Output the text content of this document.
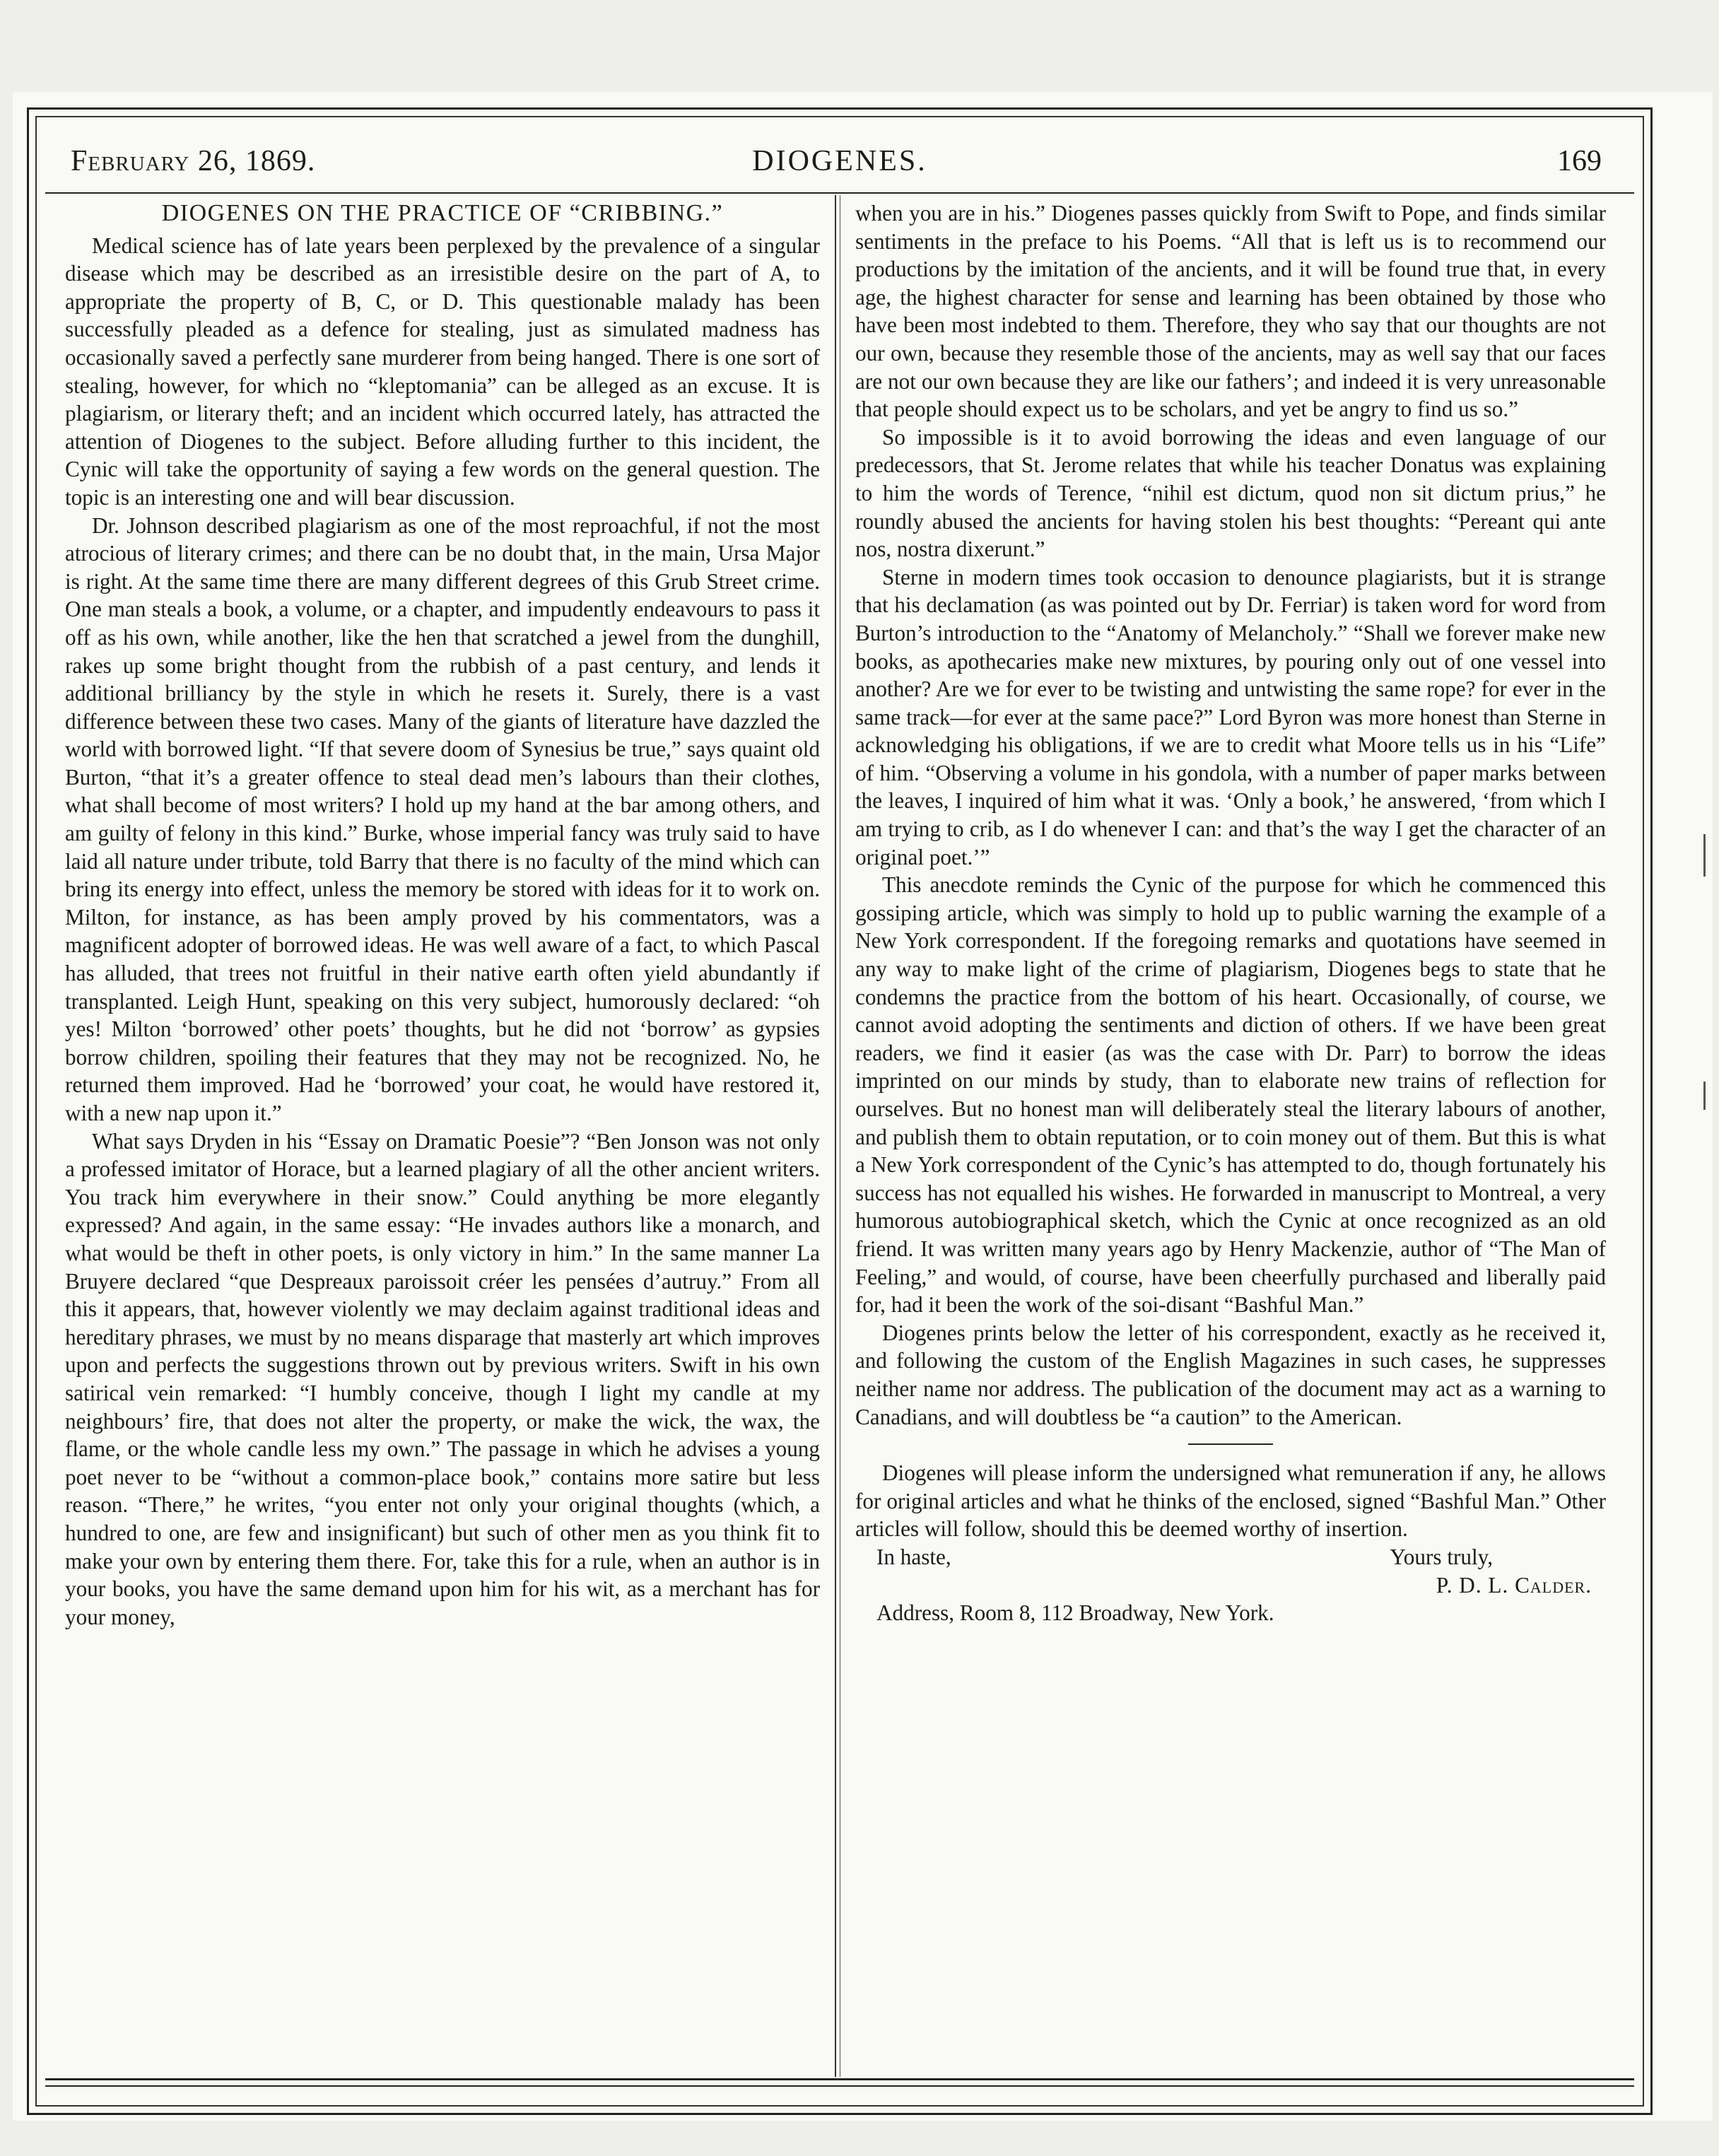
DIOGENES.
February 26, 1869.	169
DIOGENES ON THE PRACTICE OF “CRIBBING.”

Medical science has of late years been perplexed by the prevalence of a singular disease which may be described as an irresistible desire on the part of A, to appropriate the property of B, C, or D. This questionable malady has been successfully pleaded as a defence for stealing, just as simulated madness has occasionally saved a perfectly sane murderer from being hanged. There is one sort of stealing, however, for which no “kleptomania” can be alleged as an excuse. It is plagiarism, or literary theft; and an incident which occurred lately, has attracted the attention of Diogenes to the subject. Before alluding further to this incident, the Cynic will take the opportunity of saying a few words on the general question. The topic is an interesting one and will bear discussion.

Dr. Johnson described plagiarism as one of the most reproachful, if not the most atrocious of literary crimes; and there can be no doubt that, in the main, Ursa Major is right. At the same time there are many different degrees of this Grub Street crime. One man steals a book, a volume, or a chapter, and impudently endeavours to pass it off as his own, while another, like the hen that scratched a jewel from the dunghill, rakes up some bright thought from the rubbish of a past century, and lends it additional brilliancy by the style in which he resets it. Surely, there is a vast difference between these two cases. Many of the giants of literature have dazzled the world with borrowed light. “If that severe doom of Synesius be true,” says quaint old Burton, “that it’s a greater offence to steal dead men’s labours than their clothes, what shall become of most writers? I hold up my hand at the bar among others, and am guilty of felony in this kind.” Burke, whose imperial fancy was truly said to have laid all nature under tribute, told Barry that there is no faculty of the mind which can bring its energy into effect, unless the memory be stored with ideas for it to work on. Milton, for instance, as has been amply proved by his commentators, was a magnificent adopter of borrowed ideas. He was well aware of a fact, to which Pascal has alluded, that trees not fruitful in their native earth often yield abundantly if transplanted. Leigh Hunt, speaking on this very subject, humorously declared: “oh yes! Milton ‘borrowed’ other poets’ thoughts, but he did not ‘borrow’ as gypsies borrow children, spoiling their features that they may not be recognized. No, he returned them improved. Had he ‘borrowed’ your coat, he would have restored it, with a new nap upon it.”

What says Dryden in his “Essay on Dramatic Poesie”? “Ben Jonson was not only a professed imitator of Horace, but a learned plagiary of all the other ancient writers. You track him everywhere in their snow.” Could anything be more elegantly expressed? And again, in the same essay: “He invades authors like a monarch, and what would be theft in other poets, is only victory in him.” In the same manner La Bruyere declared “que Despreaux paroissoit créer les pensées d’autruy.” From all this it appears, that, however violently we may declaim against traditional ideas and hereditary phrases, we must by no means disparage that masterly art which improves upon and perfects the suggestions thrown out by previous writers. Swift in his own satirical vein remarked: “I humbly conceive, though I light my candle at my neighbours’ fire, that does not alter the property, or make the wick, the wax, the flame, or the whole candle less my own.” The passage in which he advises a young poet never to be “without a common-place book,” contains more satire but less reason. “There,” he writes, “you enter not only your original thoughts (which, a hundred to one, are few and insignificant) but such of other men as you think fit to make your own by entering them there. For, take this for a rule, when an author is in your books, you have the same demand upon him for his wit, as a merchant has for your money,

when you are in his.” Diogenes passes quickly from Swift to Pope, and finds similar sentiments in the preface to his Poems. “All that is left us is to recommend our productions by the imitation of the ancients, and it will be found true that, in every age, the highest character for sense and learning has been obtained by those who have been most indebted to them. Therefore, they who say that our thoughts are not our own, because they resemble those of the ancients, may as well say that our faces are not our own because they are like our fathers’; and indeed it is very unreasonable that people should expect us to be scholars, and yet be angry to find us so.”

So impossible is it to avoid borrowing the ideas and even language of our predecessors, that St. Jerome relates that while his teacher Donatus was explaining to him the words of Terence, “nihil est dictum, quod non sit dictum prius,” he roundly abused the ancients for having stolen his best thoughts: “Pereant qui ante nos, nostra dixerunt.”

Sterne in modern times took occasion to denounce plagiarists, but it is strange that his declamation (as was pointed out by Dr. Ferriar) is taken word for word from Burton’s introduction to the “Anatomy of Melancholy.” “Shall we forever make new books, as apothecaries make new mixtures, by pouring only out of one vessel into another? Are we for ever to be twisting and untwisting the same rope? for ever in the same track—for ever at the same pace?” Lord Byron was more honest than Sterne in acknowledging his obligations, if we are to credit what Moore tells us in his “Life” of him. “Observing a volume in his gondola, with a number of paper marks between the leaves, I inquired of him what it was. ‘Only a book,’ he answered, ‘from which I am trying to crib, as I do whenever I can: and that’s the way I get the character of an original poet.’”

This anecdote reminds the Cynic of the purpose for which he commenced this gossiping article, which was simply to hold up to public warning the example of a New York correspondent. If the foregoing remarks and quotations have seemed in any way to make light of the crime of plagiarism, Diogenes begs to state that he condemns the practice from the bottom of his heart. Occasionally, of course, we cannot avoid adopting the sentiments and diction of others. If we have been great readers, we find it easier (as was the case with Dr. Parr) to borrow the ideas imprinted on our minds by study, than to elaborate new trains of reflection for ourselves. But no honest man will deliberately steal the literary labours of another, and publish them to obtain reputation, or to coin money out of them. But this is what a New York correspondent of the Cynic’s has attempted to do, though fortunately his success has not equalled his wishes. He forwarded in manuscript to Montreal, a very humorous autobiographical sketch, which the Cynic at once recognized as an old friend. It was written many years ago by Henry Mackenzie, author of “The Man of Feeling,” and would, of course, have been cheerfully purchased and liberally paid for, had it been the work of the soi-disant “Bashful Man.”

Diogenes prints below the letter of his correspondent, exactly as he received it, and following the custom of the English Magazines in such cases, he suppresses neither name nor address. The publication of the document may act as a warning to Canadians, and will doubtless be “a caution” to the American.

Diogenes will please inform the undersigned what remuneration if any, he allows for original articles and what he thinks of the enclosed, signed “Bashful Man.” Other articles will follow, should this be deemed worthy of insertion.

In haste,	Yours truly,
P. D. L. Calder.
Address, Room 8, 112 Broadway, New York.
